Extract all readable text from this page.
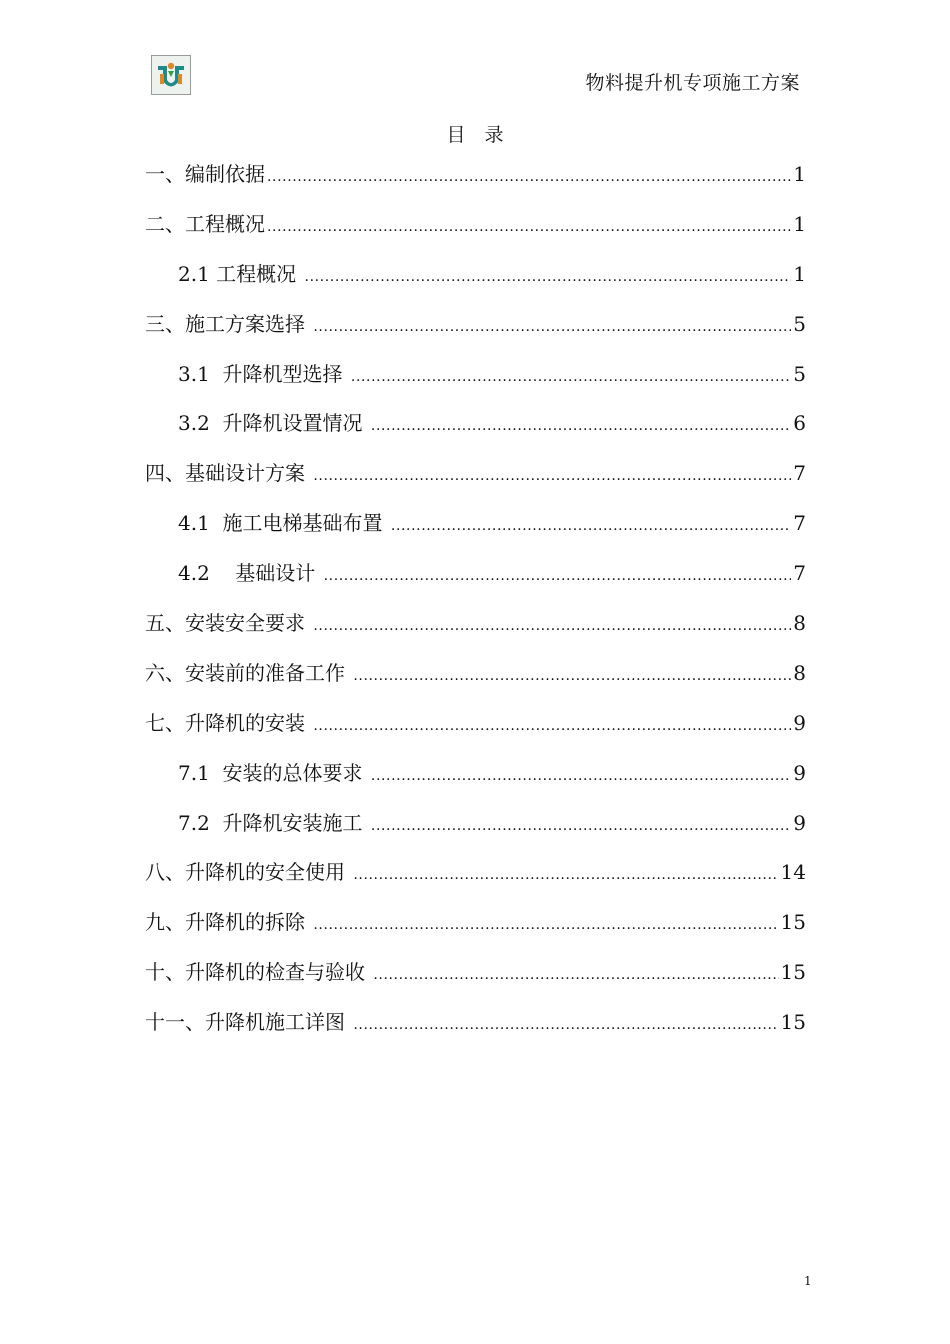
物料提升机专项施工方案
目　录
一、编制依据 .....	1
二、工程概况 .....	1
2.1 工程概况 .....	1
三、施工方案选择 .....	5
3.1  升降机型选择 .....	5
3.2  升降机设置情况 .....	6
四、基础设计方案 .....	7
4.1  施工电梯基础布置 .....	7
4.2    基础设计 .....	7
五、安装安全要求 .....	8
六、安装前的准备工作 .....	8
七、升降机的安装 .....	9
7.1  安装的总体要求 .....	9
7.2  升降机安装施工 .....	9
八、升降机的安全使用 .....	14
九、升降机的拆除 .....	15
十、升降机的检查与验收 .....	15
十一、升降机施工详图 .....	15
1
